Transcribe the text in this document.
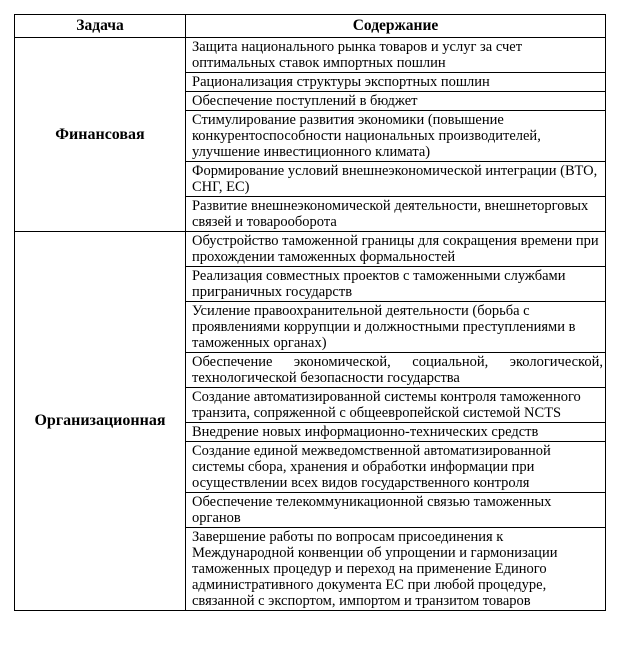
Задача	Содержание
Финансовая	Защита национального рынка товаров и услуг за счет оптимальных ставок импортных пошлин
	Рационализация структуры экспортных пошлин
	Обеспечение поступлений в бюджет
	Стимулирование развития экономики (повышение конкурентоспособности национальных производителей, улучшение инвестиционного климата)
	Формирование условий внешнеэкономической интеграции (ВТО, СНГ, ЕС)
	Развитие внешнеэкономической деятельности, внешнеторговых связей и товарооборота
Организационная	Обустройство таможенной границы для сокращения времени при прохождении таможенных формальностей
	Реализация совместных проектов с таможенными службами приграничных государств
	Усиление правоохранительной деятельности (борьба с проявлениями коррупции и должностными преступлениями в таможенных органах)
	Обеспечение экономической, социальной, экологической, технологической безопасности государства
	Создание автоматизированной системы контроля таможенного транзита, сопряженной с общеевропейской системой NCTS
	Внедрение новых информационно-технических средств
	Создание единой межведомственной автоматизированной системы сбора, хранения и обработки информации при осуществлении всех видов государственного контроля
	Обеспечение телекоммуникационной связью таможенных органов
	Завершение работы по вопросам присоединения к Международной конвенции об упрощении и гармонизации таможенных процедур и переход на применение Единого административного документа ЕС при любой процедуре, связанной с экспортом, импортом и транзитом товаров
